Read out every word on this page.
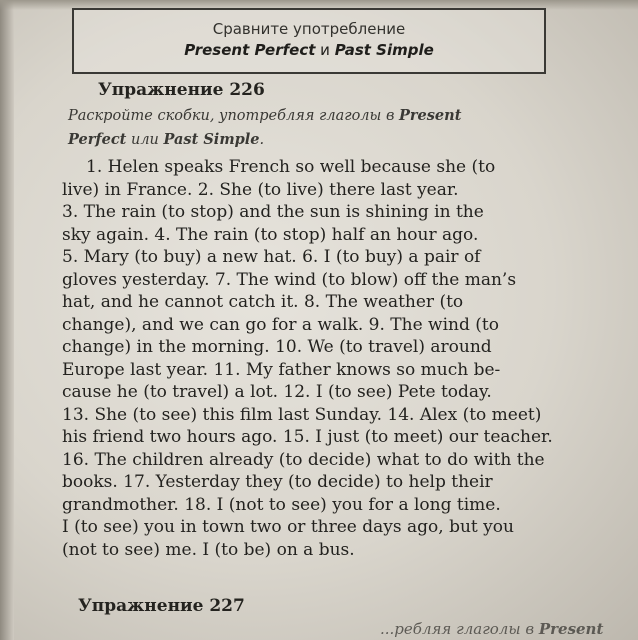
Сравните употребление
Present Perfect и Past Simple
Упражнение 226
Раскройте скобки, употребляя глаголы в Present
Perfect или Past Simple.
1. Helen speaks French so well because she (to
live) in France. 2. She (to live) there last year.
3. The rain (to stop) and the sun is shining in the
sky again. 4. The rain (to stop) half an hour ago.
5. Mary (to buy) a new hat. 6. I (to buy) a pair of
gloves yesterday. 7. The wind (to blow) off the man’s
hat, and he cannot catch it. 8. The weather (to
change), and we can go for a walk. 9. The wind (to
change) in the morning. 10. We (to travel) around
Europe last year. 11. My father knows so much be-
cause he (to travel) a lot. 12. I (to see) Pete today.
13. She (to see) this film last Sunday. 14. Alex (to meet)
his friend two hours ago. 15. I just (to meet) our teacher.
16. The children already (to decide) what to do with the
books. 17. Yesterday they (to decide) to help their
grandmother. 18. I (not to see) you for a long time.
I (to see) you in town two or three days ago, but you
(not to see) me. I (to be) on a bus.
Упражнение 227
...ребляя глаголы в Present
